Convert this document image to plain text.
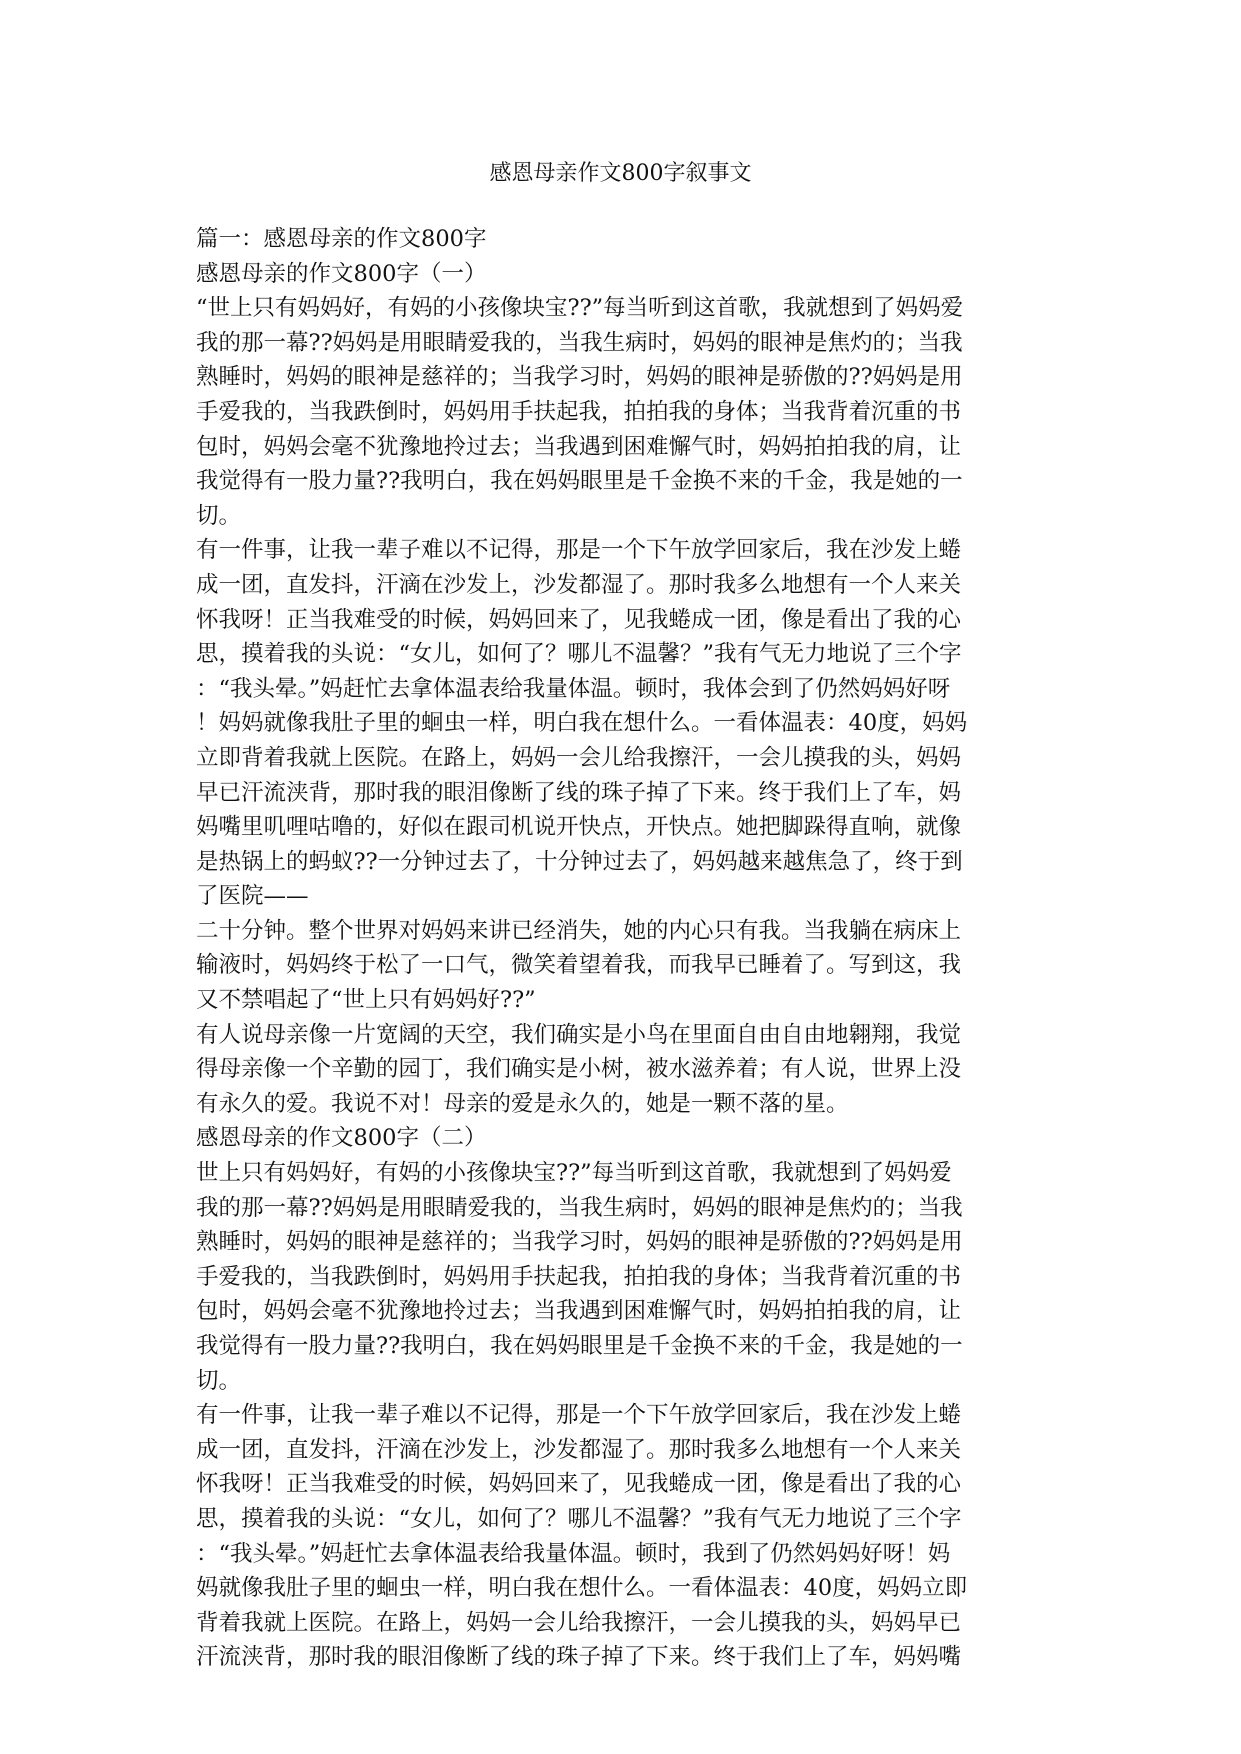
感恩母亲作文800字叙事文

篇一：感恩母亲的作文800字

感恩母亲的作文800字（一）

“世上只有妈妈好，有妈的小孩像块宝??”每当听到这首歌，我就想到了妈妈爱

我的那一幕??妈妈是用眼睛爱我的，当我生病时，妈妈的眼神是焦灼的；当我

熟睡时，妈妈的眼神是慈祥的；当我学习时，妈妈的眼神是骄傲的??妈妈是用

手爱我的，当我跌倒时，妈妈用手扶起我，拍拍我的身体；当我背着沉重的书

包时，妈妈会毫不犹豫地拎过去；当我遇到困难懈气时，妈妈拍拍我的肩，让

我觉得有一股力量??我明白，我在妈妈眼里是千金换不来的千金，我是她的一

切。

有一件事，让我一辈子难以不记得，那是一个下午放学回家后，我在沙发上蜷

成一团，直发抖，汗滴在沙发上，沙发都湿了。那时我多么地想有一个人来关

怀我呀！正当我难受的时候，妈妈回来了，见我蜷成一团，像是看出了我的心

思，摸着我的头说：“女儿，如何了？哪儿不温馨？”我有气无力地说了三个字

：“我头晕。”妈赶忙去拿体温表给我量体温。顿时，我体会到了仍然妈妈好呀

！妈妈就像我肚子里的蛔虫一样，明白我在想什么。一看体温表：40度，妈妈

立即背着我就上医院。在路上，妈妈一会儿给我擦汗，一会儿摸我的头，妈妈

早已汗流浃背，那时我的眼泪像断了线的珠子掉了下来。终于我们上了车，妈

妈嘴里叽哩咕噜的，好似在跟司机说开快点，开快点。她把脚跺得直响，就像

是热锅上的蚂蚁??一分钟过去了，十分钟过去了，妈妈越来越焦急了，终于到

了医院——

二十分钟。整个世界对妈妈来讲已经消失，她的内心只有我。当我躺在病床上

输液时，妈妈终于松了一口气，微笑着望着我，而我早已睡着了。写到这，我

又不禁唱起了“世上只有妈妈好??”

有人说母亲像一片宽阔的天空，我们确实是小鸟在里面自由自由地翱翔，我觉

得母亲像一个辛勤的园丁，我们确实是小树，被水滋养着；有人说，世界上没

有永久的爱。我说不对！母亲的爱是永久的，她是一颗不落的星。

感恩母亲的作文800字（二）

世上只有妈妈好，有妈的小孩像块宝??”每当听到这首歌，我就想到了妈妈爱

我的那一幕??妈妈是用眼睛爱我的，当我生病时，妈妈的眼神是焦灼的；当我

熟睡时，妈妈的眼神是慈祥的；当我学习时，妈妈的眼神是骄傲的??妈妈是用

手爱我的，当我跌倒时，妈妈用手扶起我，拍拍我的身体；当我背着沉重的书

包时，妈妈会毫不犹豫地拎过去；当我遇到困难懈气时，妈妈拍拍我的肩，让

我觉得有一股力量??我明白，我在妈妈眼里是千金换不来的千金，我是她的一

切。

有一件事，让我一辈子难以不记得，那是一个下午放学回家后，我在沙发上蜷

成一团，直发抖，汗滴在沙发上，沙发都湿了。那时我多么地想有一个人来关

怀我呀！正当我难受的时候，妈妈回来了，见我蜷成一团，像是看出了我的心

思，摸着我的头说：“女儿，如何了？哪儿不温馨？”我有气无力地说了三个字

：“我头晕。”妈赶忙去拿体温表给我量体温。顿时，我到了仍然妈妈好呀！妈

妈就像我肚子里的蛔虫一样，明白我在想什么。一看体温表：40度，妈妈立即

背着我就上医院。在路上，妈妈一会儿给我擦汗，一会儿摸我的头，妈妈早已

汗流浃背，那时我的眼泪像断了线的珠子掉了下来。终于我们上了车，妈妈嘴
